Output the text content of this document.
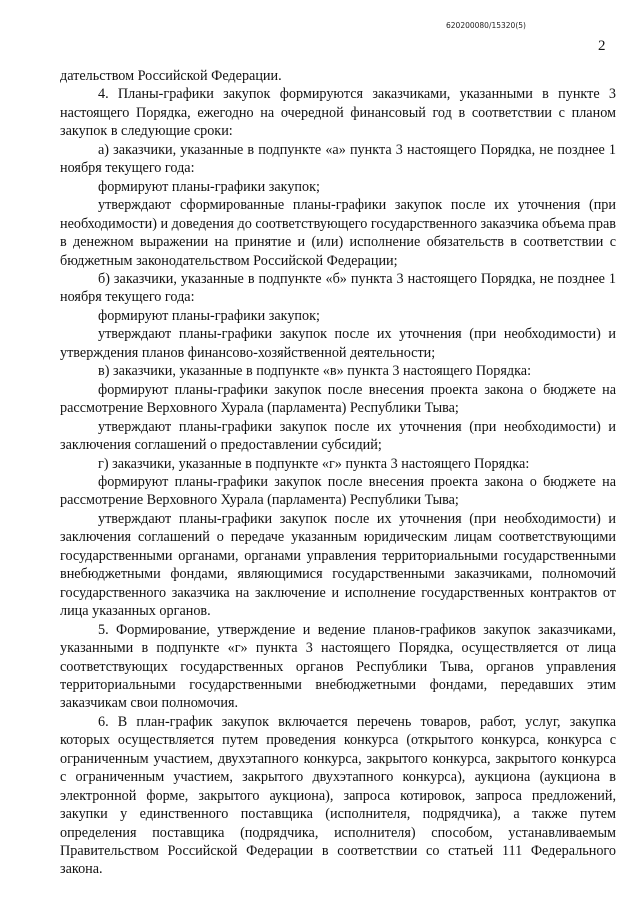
620200080/15320(5)
2

дательством Российской Федерации.

4. Планы-графики закупок формируются заказчиками, указанными в пункте 3 настоящего Порядка, ежегодно на очередной финансовый год в соответствии с планом закупок в следующие сроки:

а) заказчики, указанные в подпункте «а» пункта 3 настоящего Порядка, не позднее 1 ноября текущего года:

формируют планы-графики закупок;

утверждают сформированные планы-графики закупок после их уточнения (при необходимости) и доведения до соответствующего государственного заказчика объема прав в денежном выражении на принятие и (или) исполнение обязательств в соответствии с бюджетным законодательством Российской Федерации;

б) заказчики, указанные в подпункте «б» пункта 3 настоящего Порядка, не позднее 1 ноября текущего года:

формируют планы-графики закупок;

утверждают планы-графики закупок после их уточнения (при необходимости) и утверждения планов финансово-хозяйственной деятельности;

в) заказчики, указанные в подпункте «в» пункта 3 настоящего Порядка:

формируют планы-графики закупок после внесения проекта закона о бюджете на рассмотрение Верховного Хурала (парламента) Республики Тыва;

утверждают планы-графики закупок после их уточнения (при необходимости) и заключения соглашений о предоставлении субсидий;

г) заказчики, указанные в подпункте «г» пункта 3 настоящего Порядка:

формируют планы-графики закупок после внесения проекта закона о бюджете на рассмотрение Верховного Хурала (парламента) Республики Тыва;

утверждают планы-графики закупок после их уточнения (при необходимости) и заключения соглашений о передаче указанным юридическим лицам соответствующими государственными органами, органами управления территориальными государственными внебюджетными фондами, являющимися государственными заказчиками, полномочий государственного заказчика на заключение и исполнение государственных контрактов от лица указанных органов.

5. Формирование, утверждение и ведение планов-графиков закупок заказчиками, указанными в подпункте «г» пункта 3 настоящего Порядка, осуществляется от лица соответствующих государственных органов Республики Тыва, органов управления территориальными государственными внебюджетными фондами, передавших этим заказчикам свои полномочия.

6. В план-график закупок включается перечень товаров, работ, услуг, закупка которых осуществляется путем проведения конкурса (открытого конкурса, конкурса с ограниченным участием, двухэтапного конкурса, закрытого конкурса, закрытого конкурса с ограниченным участием, закрытого двухэтапного конкурса), аукциона (аукциона в электронной форме, закрытого аукциона), запроса котировок, запроса предложений, закупки у единственного поставщика (исполнителя, подрядчика), а также путем определения поставщика (подрядчика, исполнителя) способом, устанавливаемым Правительством Российской Федерации в соответствии со статьей 111 Федерального закона.
